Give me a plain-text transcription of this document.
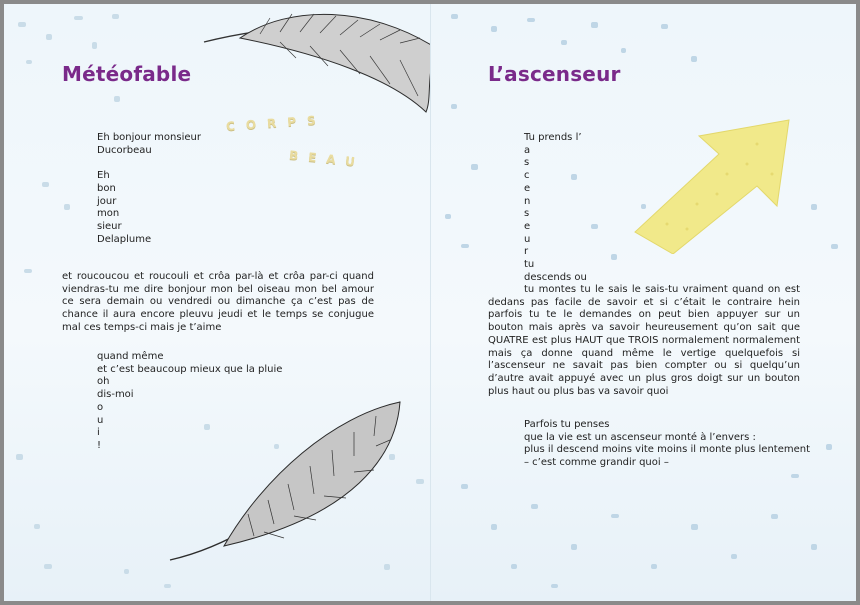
CORPS
BEAU
Météofable
Eh bonjour monsieur
Ducorbeau
Eh
bon
jour
mon
sieur
Delaplume

et roucoucou et roucouli et crôa par-là et crôa par-ci quand viendras-tu me dire bonjour mon bel oiseau mon bel amour ce sera demain ou vendredi ou dimanche ça c’est pas de chance il aura encore pleuvu jeudi et le temps se conjugue mal ces temps-ci mais je t’aime

quand même
et c’est beaucoup mieux que la pluie
oh
dis-moi
o
u
i
!
L’ascenseur
Tu prends l’
a
s
c
e
n
s
e
u
r
tu
descends ou

tu montes tu le sais le sais-tu vraiment quand on est dedans pas facile de savoir et si c’était le contraire hein parfois tu te le demandes on peut bien appuyer sur un bouton mais après va savoir heureusement qu’on sait que QUATRE est plus HAUT que TROIS normalement normalement mais ça donne quand même le vertige quelquefois si l’ascenseur ne savait pas bien compter ou si quelqu’un d’autre avait appuyé avec un plus gros doigt sur un bouton plus haut ou plus bas va savoir quoi

Parfois tu penses
que la vie est un ascenseur monté à l’envers :
plus il descend moins vite moins il monte plus lentement
– c’est comme grandir quoi –
